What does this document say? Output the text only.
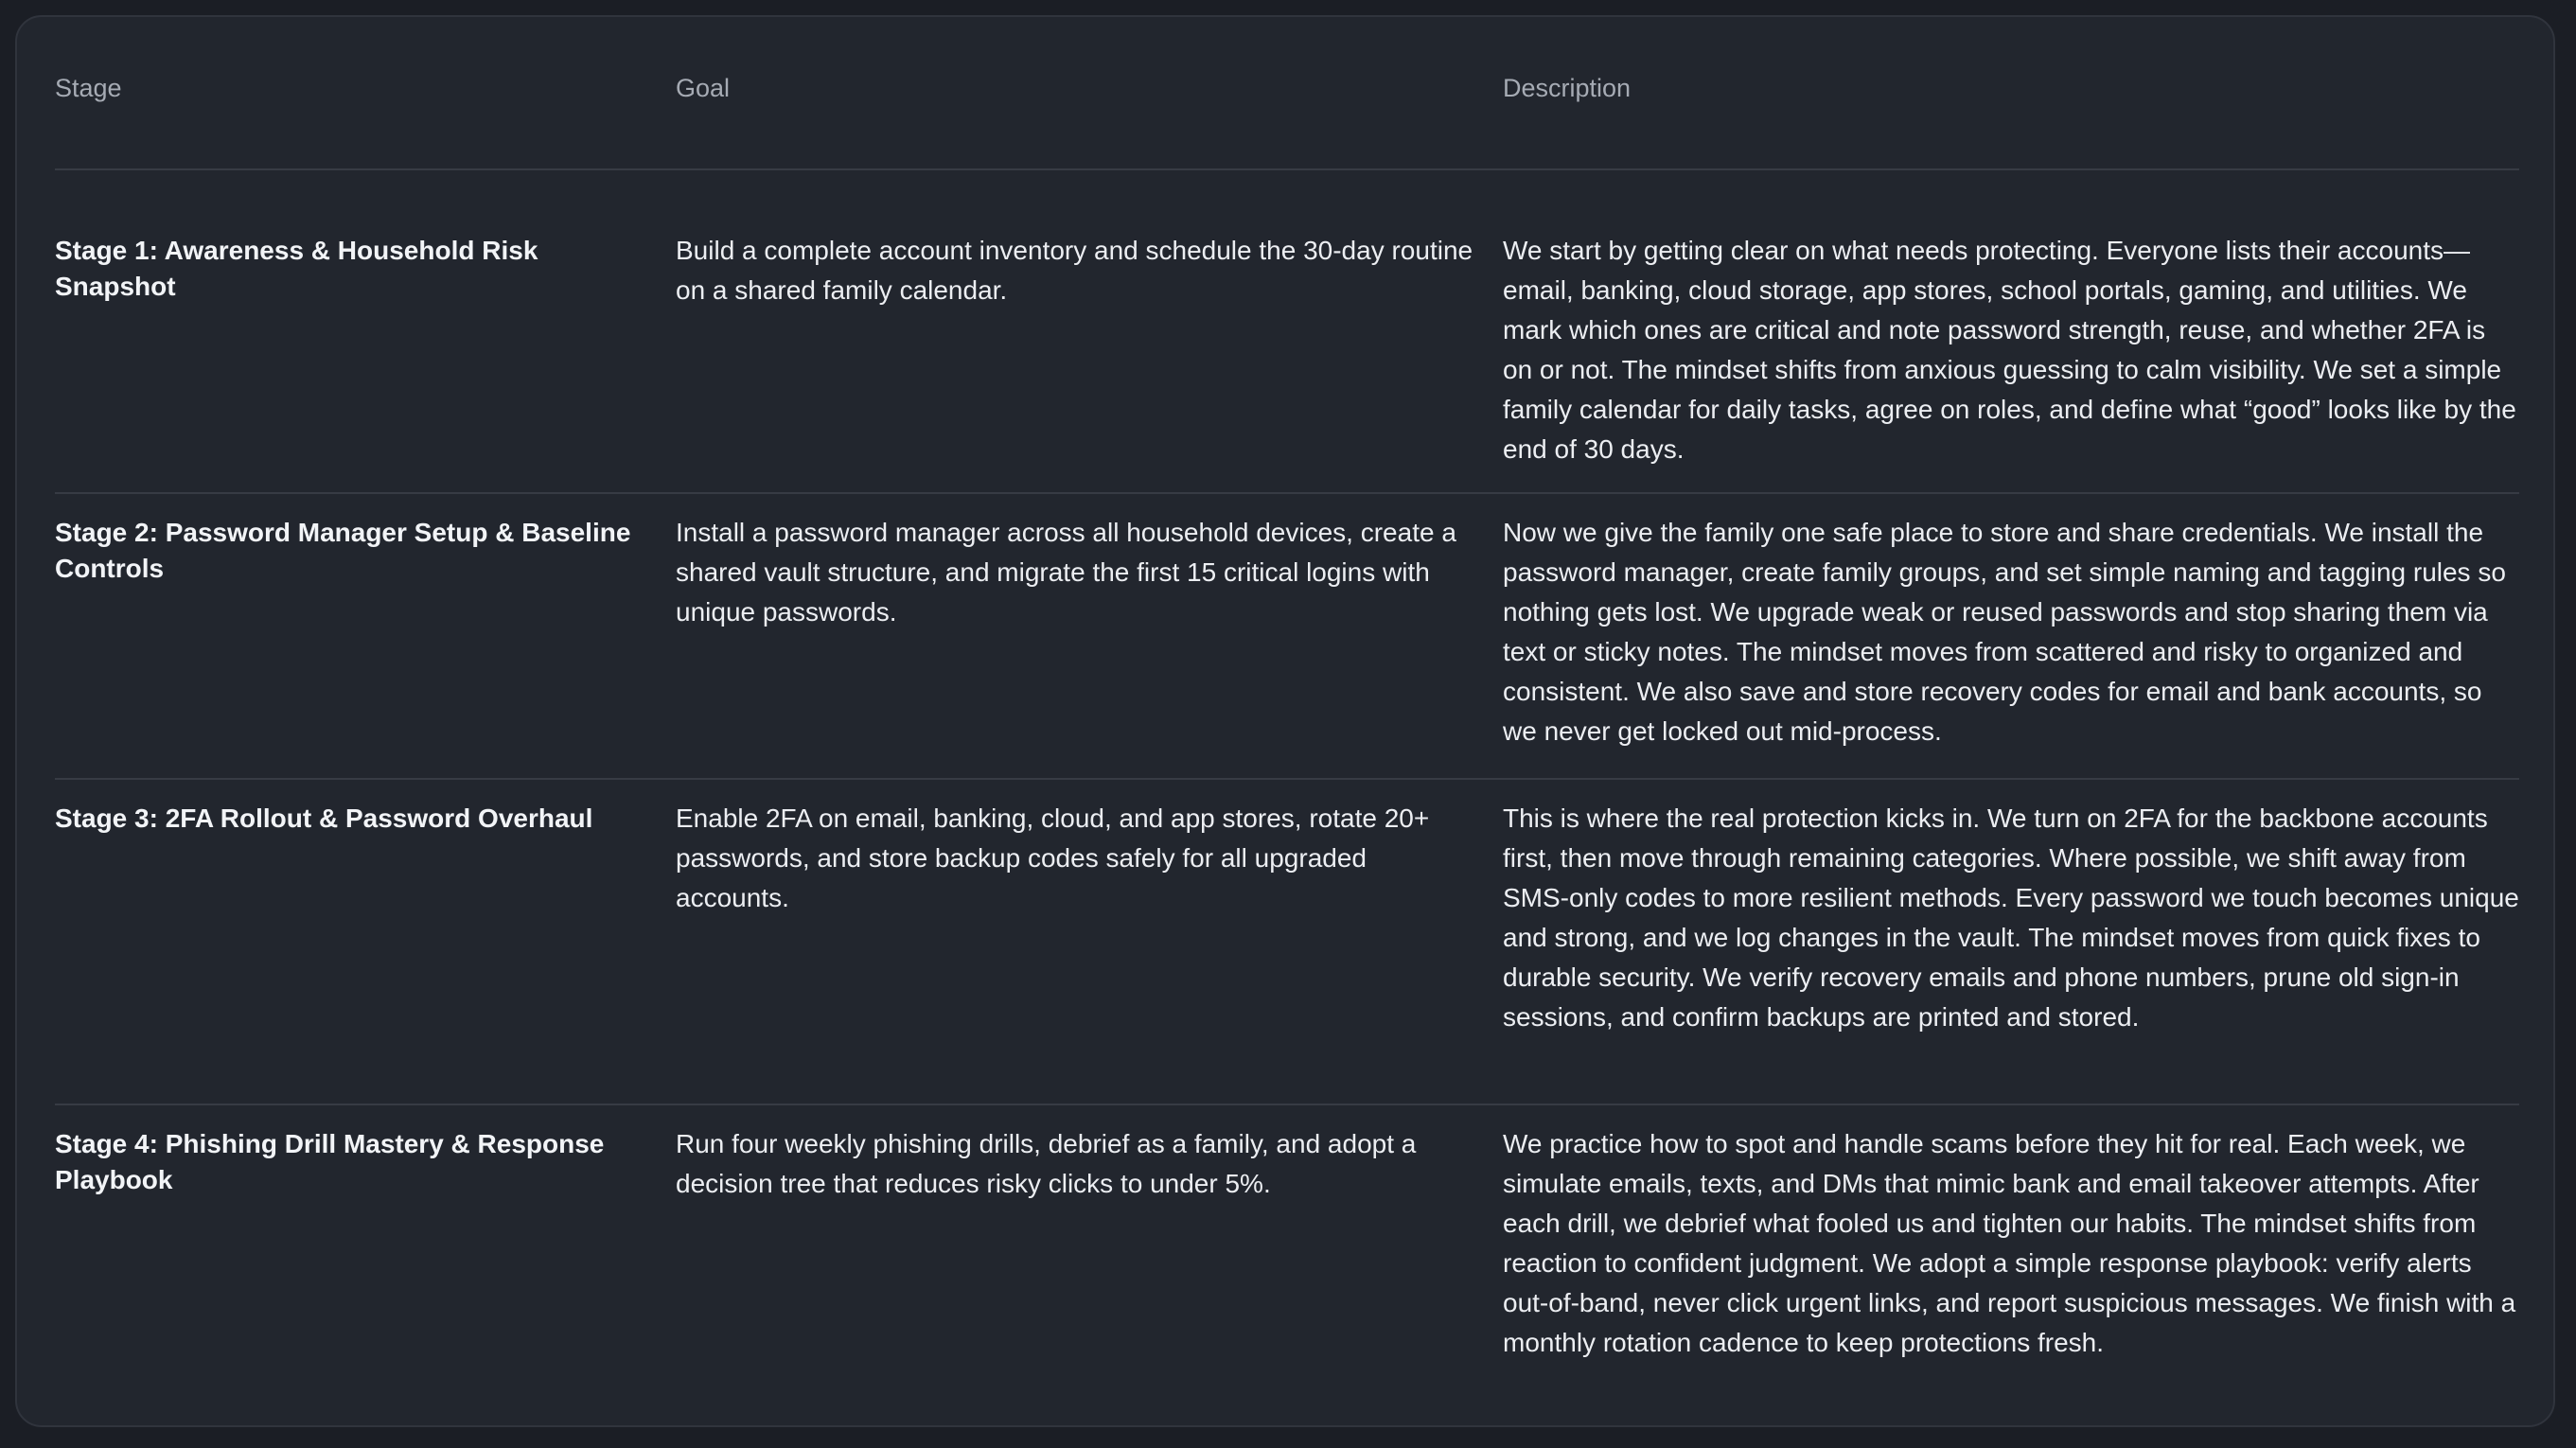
Stage	Goal	Description

Stage 1: Awareness & Household Risk Snapshot	Build a complete account inventory and schedule the 30-day routine on a shared family calendar.	We start by getting clear on what needs protecting. Everyone lists their accounts—email, banking, cloud storage, app stores, school portals, gaming, and utilities. We mark which ones are critical and note password strength, reuse, and whether 2FA is on or not. The mindset shifts from anxious guessing to calm visibility. We set a simple family calendar for daily tasks, agree on roles, and define what “good” looks like by the end of 30 days.

Stage 2: Password Manager Setup & Baseline Controls	Install a password manager across all household devices, create a shared vault structure, and migrate the first 15 critical logins with unique passwords.	Now we give the family one safe place to store and share credentials. We install the password manager, create family groups, and set simple naming and tagging rules so nothing gets lost. We upgrade weak or reused passwords and stop sharing them via text or sticky notes. The mindset moves from scattered and risky to organized and consistent. We also save and store recovery codes for email and bank accounts, so we never get locked out mid-process.

Stage 3: 2FA Rollout & Password Overhaul	Enable 2FA on email, banking, cloud, and app stores, rotate 20+ passwords, and store backup codes safely for all upgraded accounts.	This is where the real protection kicks in. We turn on 2FA for the backbone accounts first, then move through remaining categories. Where possible, we shift away from SMS-only codes to more resilient methods. Every password we touch becomes unique and strong, and we log changes in the vault. The mindset moves from quick fixes to durable security. We verify recovery emails and phone numbers, prune old sign-in sessions, and confirm backups are printed and stored.

Stage 4: Phishing Drill Mastery & Response Playbook	Run four weekly phishing drills, debrief as a family, and adopt a decision tree that reduces risky clicks to under 5%.	We practice how to spot and handle scams before they hit for real. Each week, we simulate emails, texts, and DMs that mimic bank and email takeover attempts. After each drill, we debrief what fooled us and tighten our habits. The mindset shifts from reaction to confident judgment. We adopt a simple response playbook: verify alerts out-of-band, never click urgent links, and report suspicious messages. We finish with a monthly rotation cadence to keep protections fresh.
